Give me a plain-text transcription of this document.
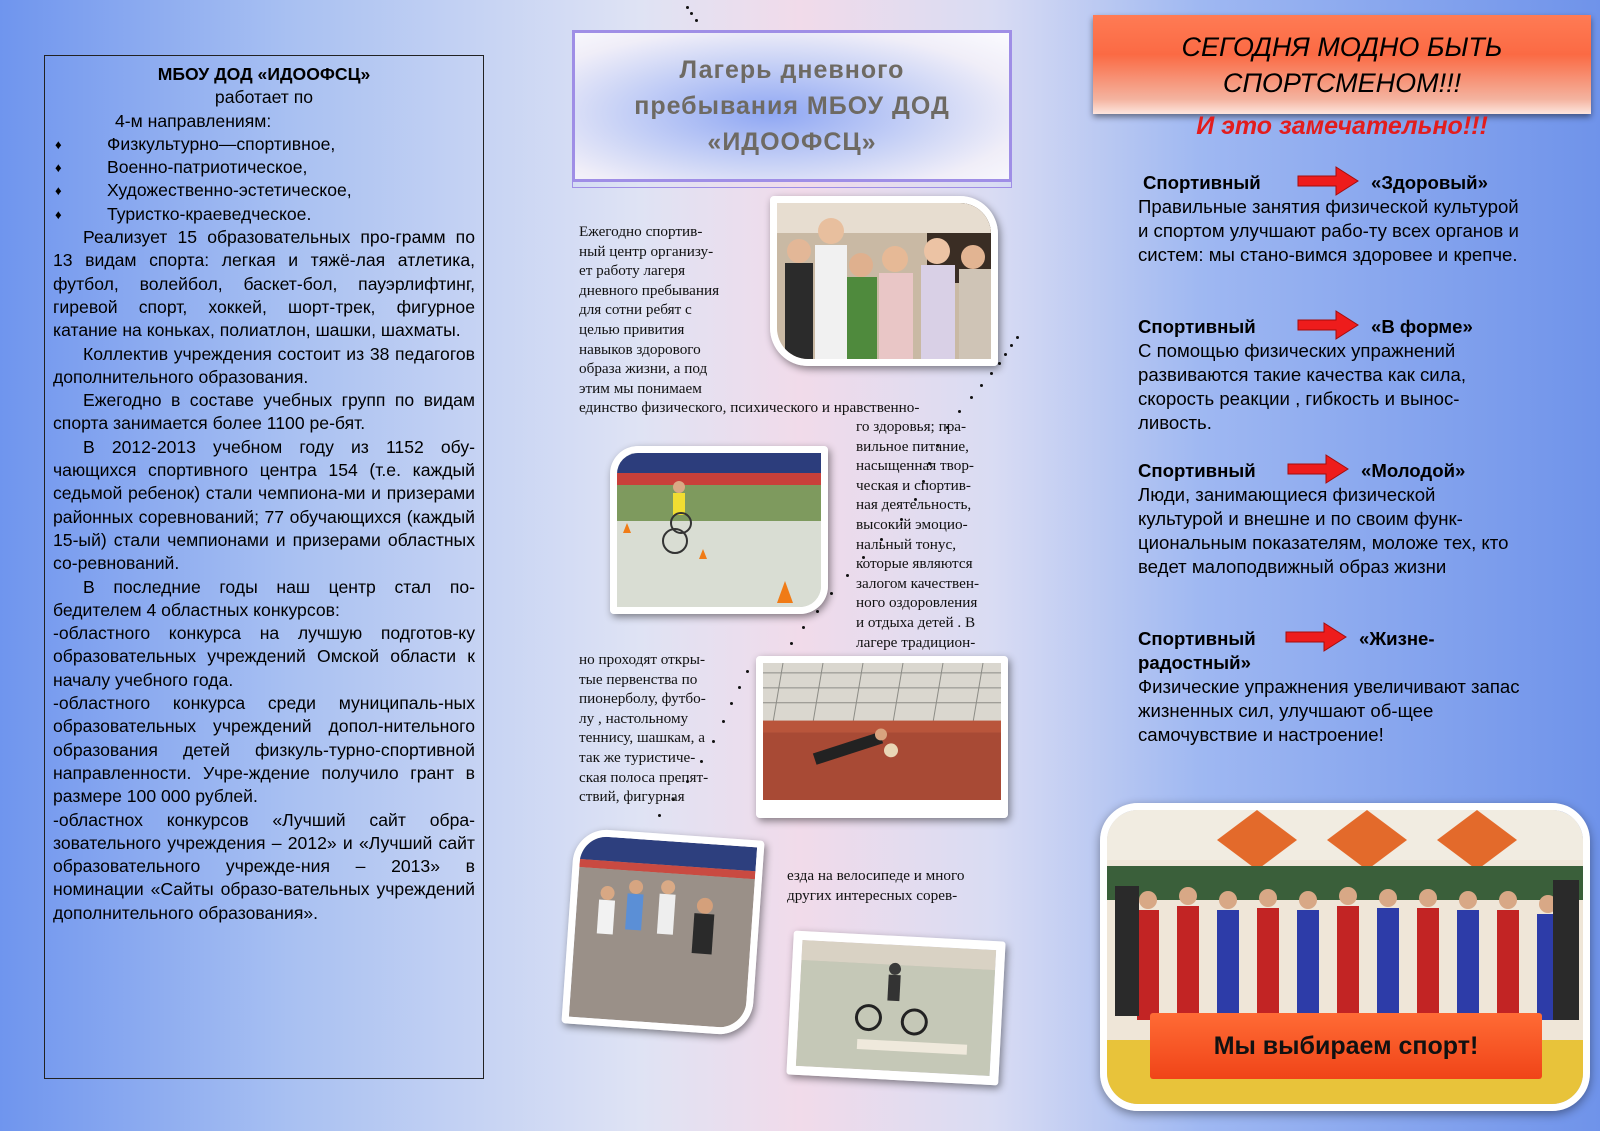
МБОУ ДОД «ИДООФСЦ»

работает по

4-м направлениям:

♦	Физкультурно—спортивное,
♦	Военно-патриотическое,
♦	Художественно-эстетическое,
♦	Туристко-краеведческое.

Реализует 15 образовательных про-грамм по 13 видам спорта: легкая и тяжё-лая атлетика, футбол, волейбол, баскет-бол, пауэрлифтинг, гиревой спорт, хоккей, шорт-трек, фигурное катание на коньках, полиатлон, шашки, шахматы.

Коллектив учреждения состоит из 38 педагогов дополнительного образования.

Ежегодно в составе учебных групп по видам спорта занимается более 1100 ре-бят.

В 2012-2013 учебном году из 1152 обу-чающихся спортивного центра 154 (т.е. каждый седьмой ребенок) стали чемпиона-ми и призерами районных соревнований; 77 обучающихся (каждый 15-ый) стали чемпионами и призерами областных со-ревнований.

В последние годы наш центр стал по-бедителем 4 областных конкурсов:

-областного конкурса на лучшую подготов-ку образовательных учреждений Омской области к началу учебного года.

-областного конкурса среди муниципаль-ных образовательных учреждений допол-нительного образования детей физкуль-турно-спортивной направленности. Учре-ждение получило грант в размере 100 000 рублей.

-областнох конкурсов «Лучший сайт обра-зовательного учреждения – 2012» и «Лучший сайт образовательного учрежде-ния – 2013» в номинации «Сайты образо-вательных учреждений дополнительного образования».

Лагерь дневного
пребывания МБОУ ДОД
«ИДООФСЦ»
Ежегодно спортив-
ный центр организу-
ет работу лагеря
дневного пребывания
для сотни ребят с
целью привития
навыков здорового
образа жизни, а под
этим мы понимаем
единство физического, психического и нравственно-
го здоровья; пра-
вильное питание,
насыщенная твор-
ческая и спортив-
ная деятельность,
высокий эмоцио-
нальный тонус,
которые являются
залогом качествен-
ного оздоровления
и отдыха детей . В
лагере традицион-
но проходят откры-
тые первенства по
пионерболу, футбо-
лу , настольному
теннису, шашкам, а
так же туристиче-
ская полоса препят-
ствий, фигурная
езда на велосипеде и много
других интересных сорев-
СЕГОДНЯ МОДНО БЫТЬ
СПОРТСМЕНОМ!!!
И это замечательно!!!
Спортивный	«Здоровый»
Правильные занятия физической культурой и спортом улучшают рабо-ту всех органов и систем: мы стано-вимся здоровее и крепче.
Спортивный	«В форме»
С помощью физических упражнений развиваются такие качества как сила, скорость реакции , гибкость и вынос-ливость.
Спортивный	«Молодой»
Люди, занимающиеся физической культурой и внешне и по своим функ-циональным показателям, моложе тех, кто ведет малоподвижный образ жизни
Спортивный	«Жизне-
радостный»
Физические упражнения увеличивают запас жизненных сил, улучшают об-щее самочувствие и настроение!
Мы выбираем спорт!
